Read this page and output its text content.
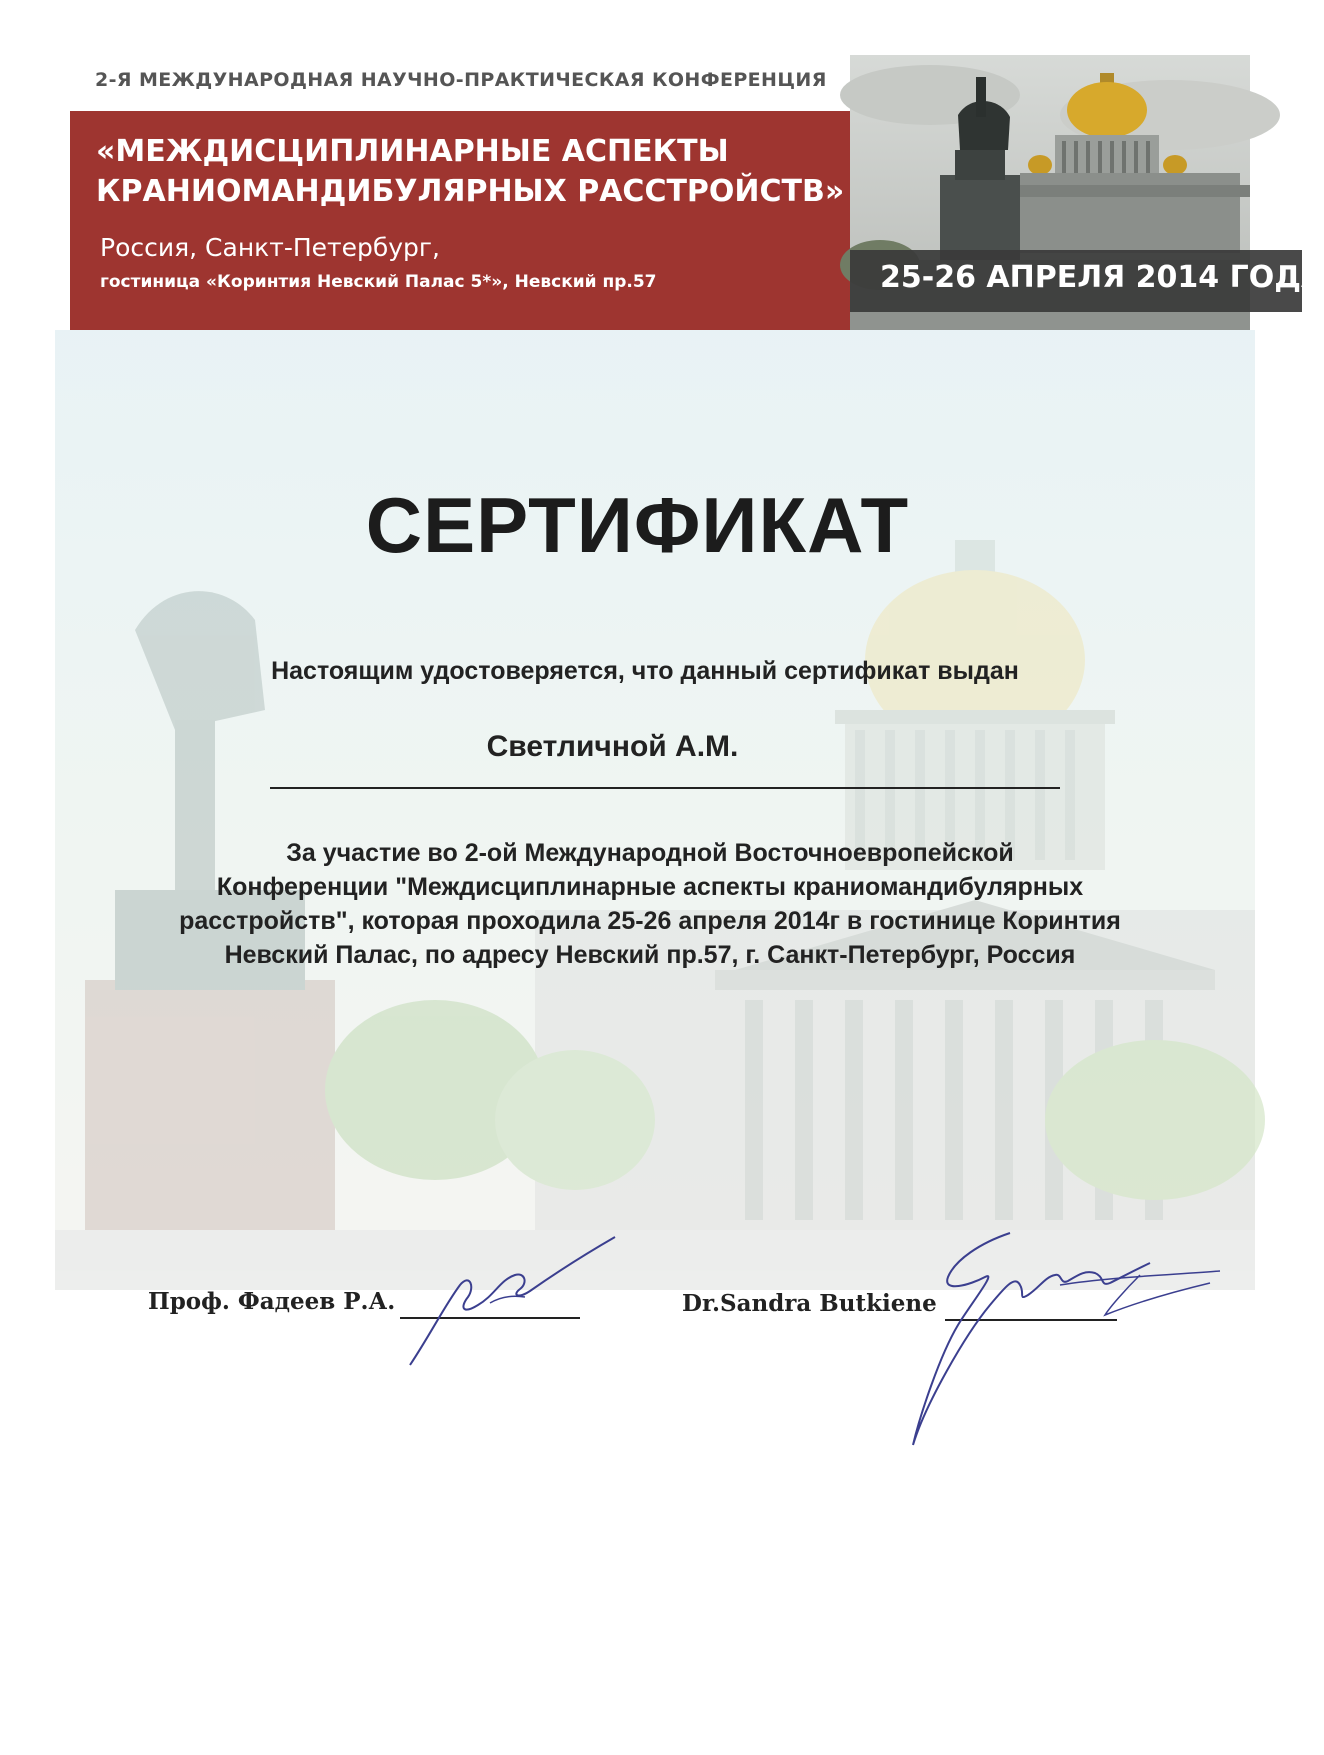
2-Я МЕЖДУНАРОДНАЯ НАУЧНО-ПРАКТИЧЕСКАЯ КОНФЕРЕНЦИЯ
«МЕЖДИСЦИПЛИНАРНЫЕ АСПЕКТЫ
КРАНИОМАНДИБУЛЯРНЫХ РАССТРОЙСТВ»
Россия, Санкт-Петербург,
гостиница «Коринтия Невский Палас 5*», Невский пр.57	25-26 АПРЕЛЯ 2014 ГОДА
СЕРТИФИКАТ
Настоящим удостоверяется, что данный сертификат выдан
Светличной А.М.
За участие во 2-ой Международной Восточноевропейской
Конференции "Междисциплинарные аспекты краниомандибулярных
расстройств", которая проходила 25-26 апреля 2014г в гостинице Коринтия
Невский Палас, по адресу Невский пр.57, г. Санкт-Петербург, Россия
Проф. Фадеев Р.А.	Dr.Sandra Butkiene
